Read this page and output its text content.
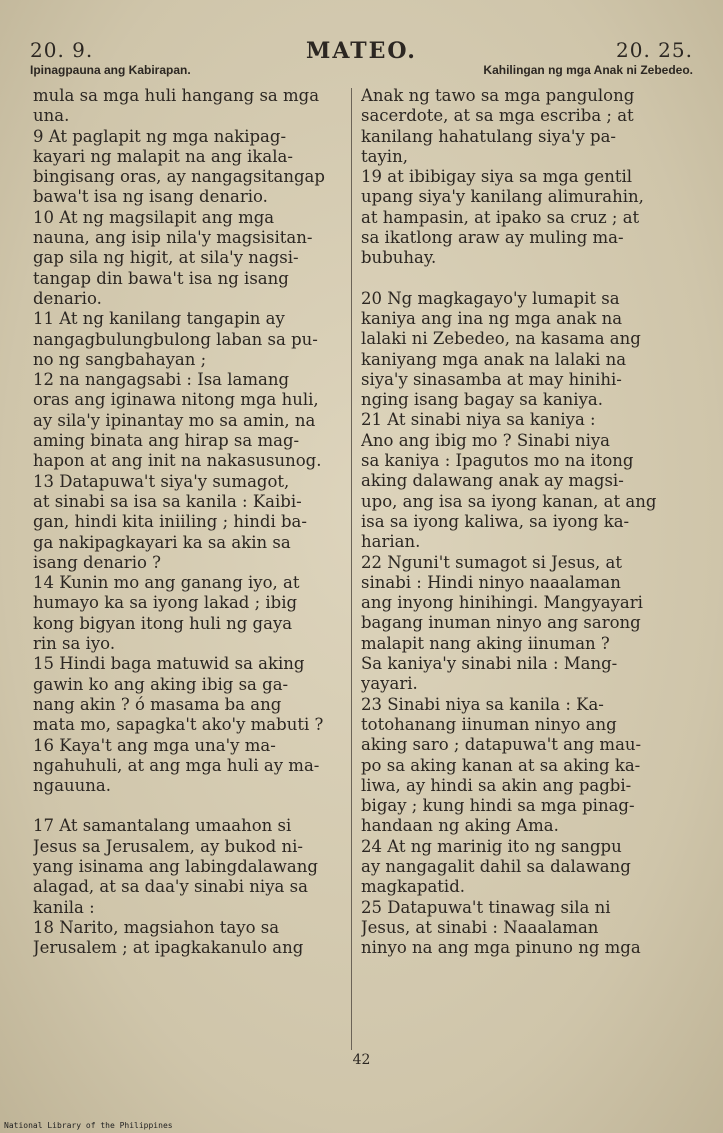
20. 9.	MATEO.	20. 25.
Ipinagpauna ang Kabirapan.	Kahilingan ng mga Anak ni Zebedeo.
mula sa mga huli hangang sa mga
una.
9 At paglapit ng mga nakipag-
kayari ng malapit na ang ikala-
bingisang oras, ay nangagsitangap
bawa't isa ng isang denario.
10 At ng magsilapit ang mga
nauna, ang isip nila'y magsisitan-
gap sila ng higit, at sila'y nagsi-
tangap din bawa't isa ng isang
denario.
11 At ng kanilang tangapin ay
nangagbulungbulong laban sa pu-
no ng sangbahayan ;
12 na nangagsabi : Isa lamang
oras ang iginawa nitong mga huli,
ay sila'y ipinantay mo sa amin, na
aming binata ang hirap sa mag-
hapon at ang init na nakasusunog.
13 Datapuwa't siya'y sumagot,
at sinabi sa isa sa kanila : Kaibi-
gan, hindi kita iniiling ; hindi ba-
ga nakipagkayari ka sa akin sa
isang denario ?
14 Kunin mo ang ganang iyo, at
humayo ka sa iyong lakad ; ibig
kong bigyan itong huli ng gaya
rin sa iyo.
15 Hindi baga matuwid sa aking
gawin ko ang aking ibig sa ga-
nang akin ? ó masama ba ang
mata mo, sapagka't ako'y mabuti ?
16 Kaya't ang mga una'y ma-
ngahuhuli, at ang mga huli ay ma-
ngauuna.
17 At samantalang umaahon si
Jesus sa Jerusalem, ay bukod ni-
yang isinama ang labingdalawang
alagad, at sa daa'y sinabi niya sa
kanila :
18 Narito, magsiahon tayo sa
Jerusalem ; at ipagkakanulo ang
Anak ng tawo sa mga pangulong
sacerdote, at sa mga escriba ; at
kanilang hahatulang siya'y pa-
tayin,
19 at ibibigay siya sa mga gentil
upang siya'y kanilang alimurahin,
at hampasin, at ipako sa cruz ; at
sa ikatlong araw ay muling ma-
bubuhay.
20 Ng magkagayo'y lumapit sa
kaniya ang ina ng mga anak na
lalaki ni Zebedeo, na kasama ang
kaniyang mga anak na lalaki na
siya'y sinasamba at may hinihi-
nging isang bagay sa kaniya.
21 At sinabi niya sa kaniya :
Ano ang ibig mo ? Sinabi niya
sa kaniya : Ipagutos mo na itong
aking dalawang anak ay magsi-
upo, ang isa sa iyong kanan, at ang
isa sa iyong kaliwa, sa iyong ka-
harian.
22 Nguni't sumagot si Jesus, at
sinabi : Hindi ninyo naaalaman
ang inyong hinihingi. Mangyayari
bagang inuman ninyo ang sarong
malapit nang aking iinuman ?
Sa kaniya'y sinabi nila : Mang-
yayari.
23 Sinabi niya sa kanila : Ka-
totohanang iinuman ninyo ang
aking saro ; datapuwa't ang mau-
po sa aking kanan at sa aking ka-
liwa, ay hindi sa akin ang pagbi-
bigay ; kung hindi sa mga pinag-
handaan ng aking Ama.
24 At ng marinig ito ng sangpu
ay nangagalit dahil sa dalawang
magkapatid.
25 Datapuwa't tinawag sila ni
Jesus, at sinabi : Naaalaman
ninyo na ang mga pinuno ng mga
42
National Library of the Philippines
